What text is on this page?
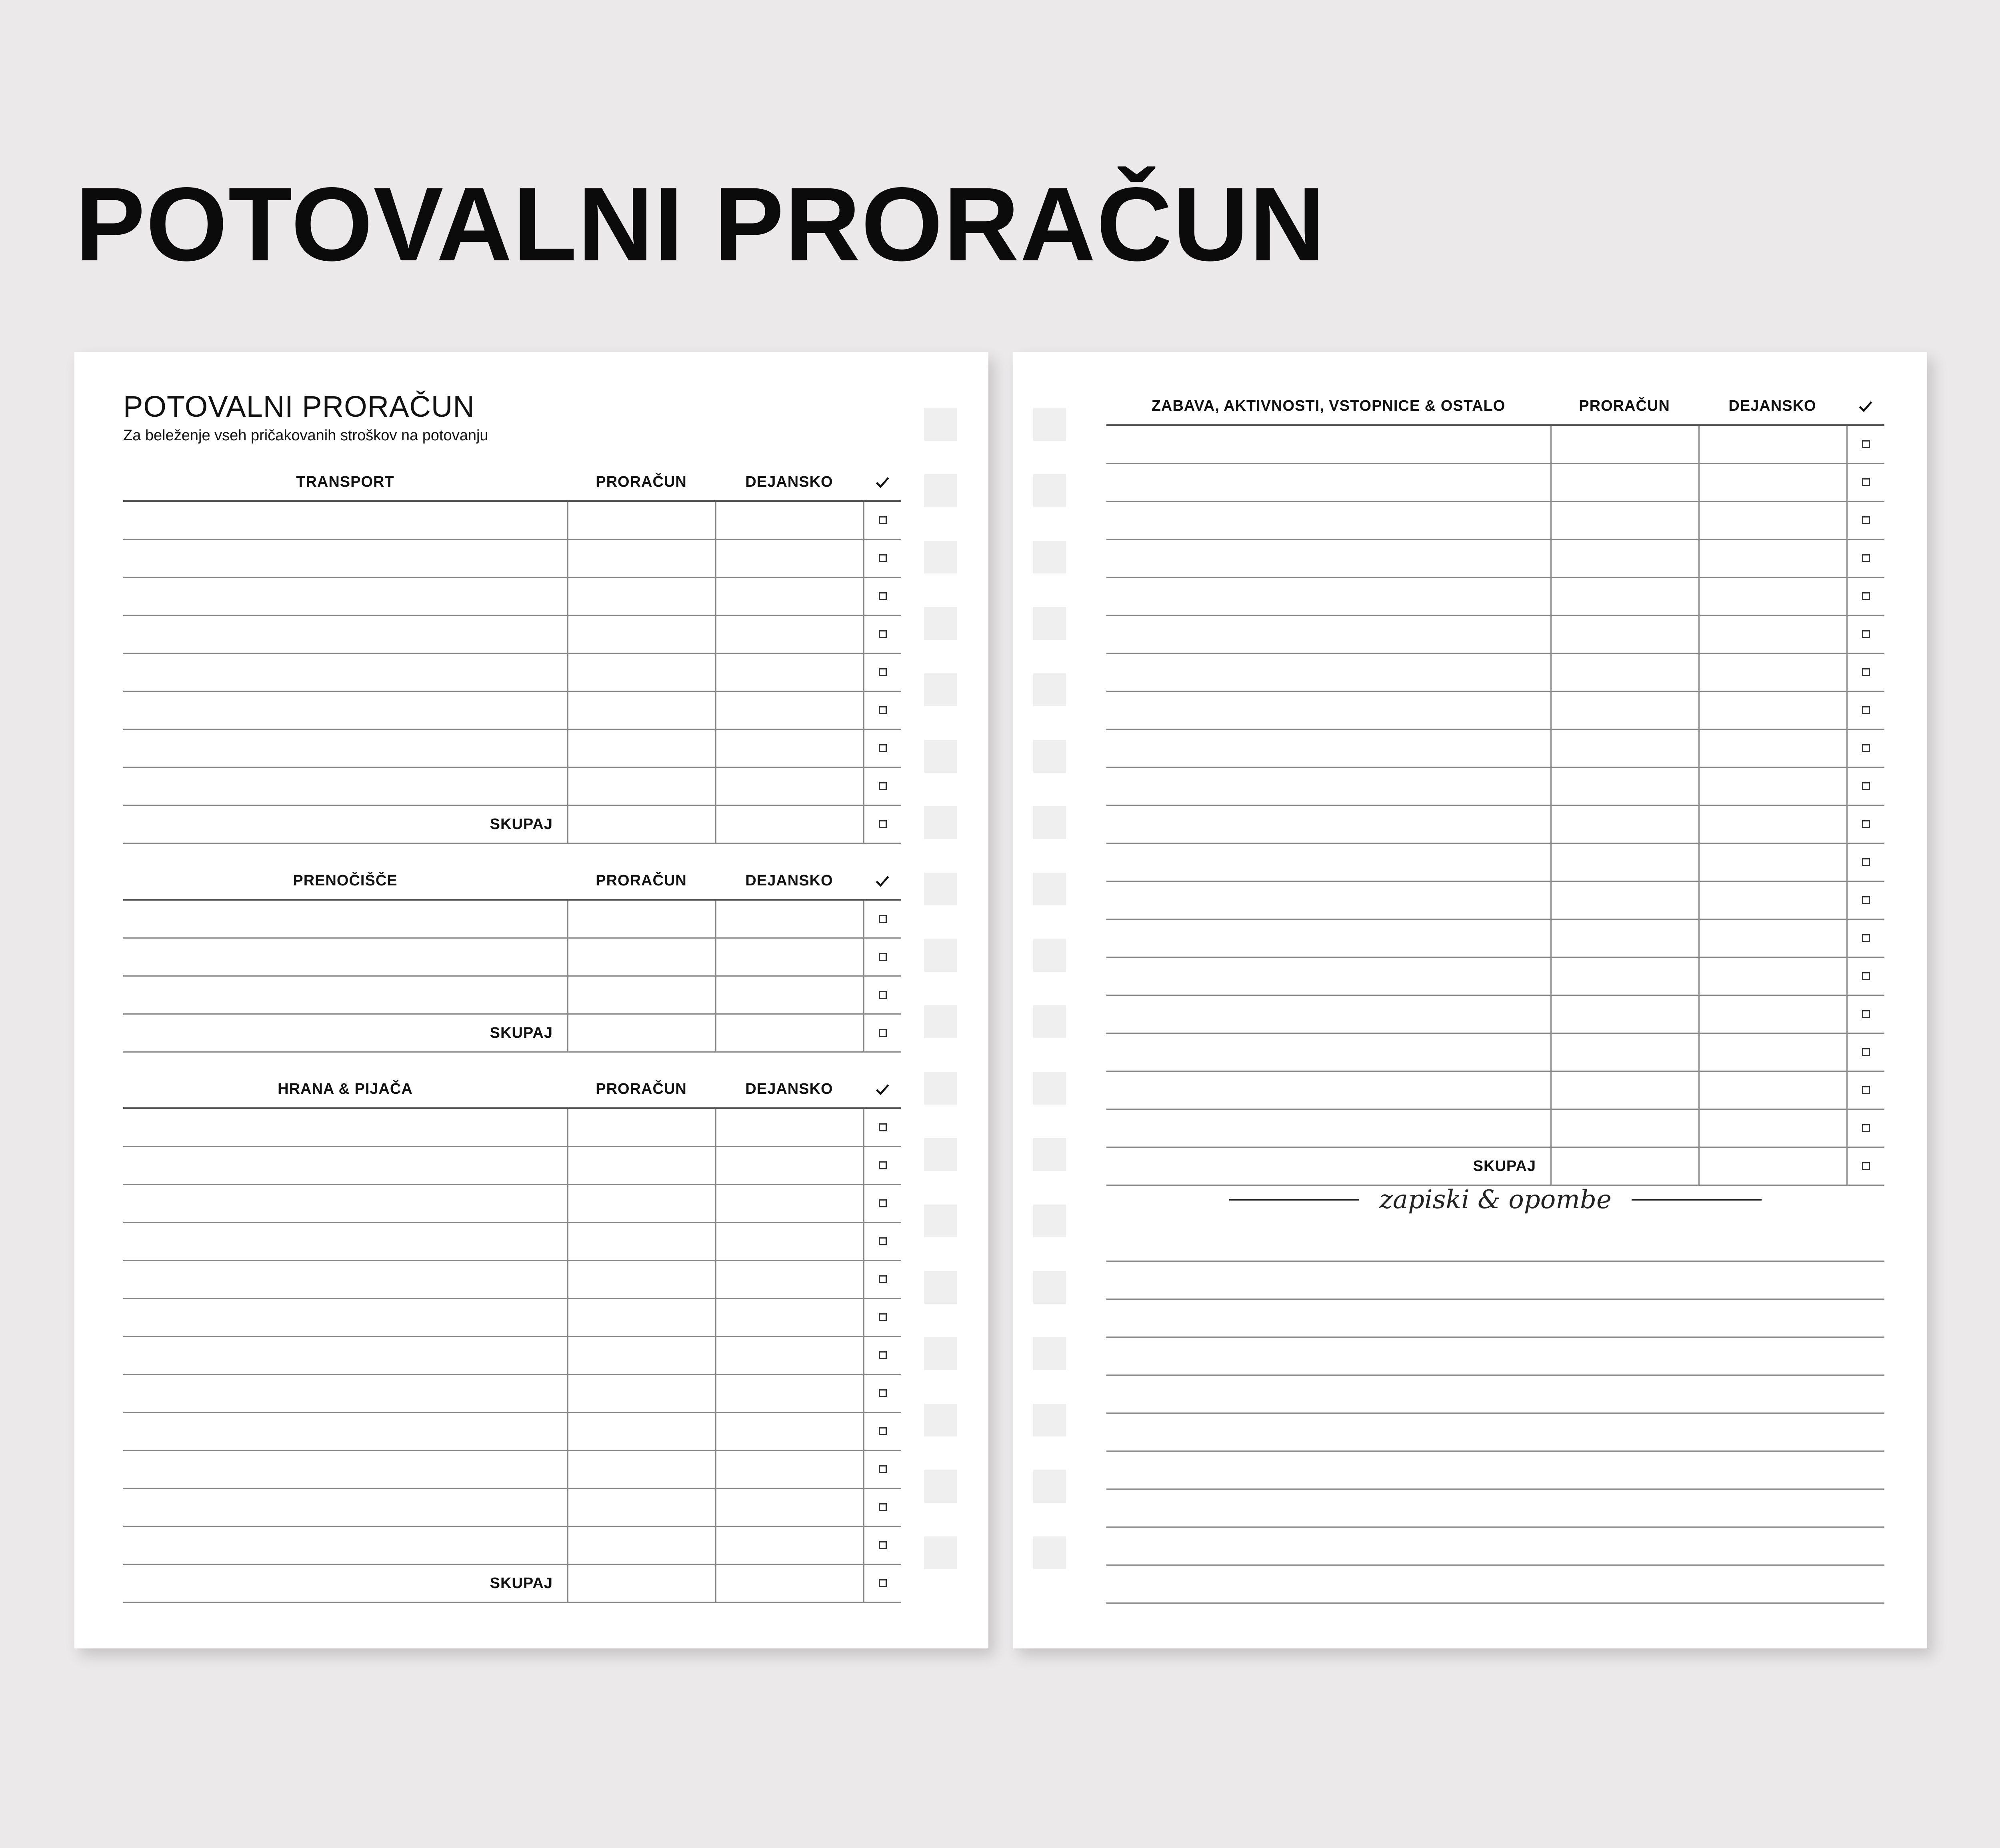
POTOVALNI PRORAČUN
POTOVALNI PRORAČUN

Za beleženje vseh pričakovanih stroškov na potovanju

TRANSPORT	PRORAČUN	DEJANSKO
SKUPAJ
PRENOČIŠČE	PRORAČUN	DEJANSKO
SKUPAJ
HRANA & PIJAČA	PRORAČUN	DEJANSKO
SKUPAJ
ZABAVA, AKTIVNOSTI, VSTOPNICE & OSTALO	PRORAČUN	DEJANSKO
SKUPAJ
zapiski & opombe
